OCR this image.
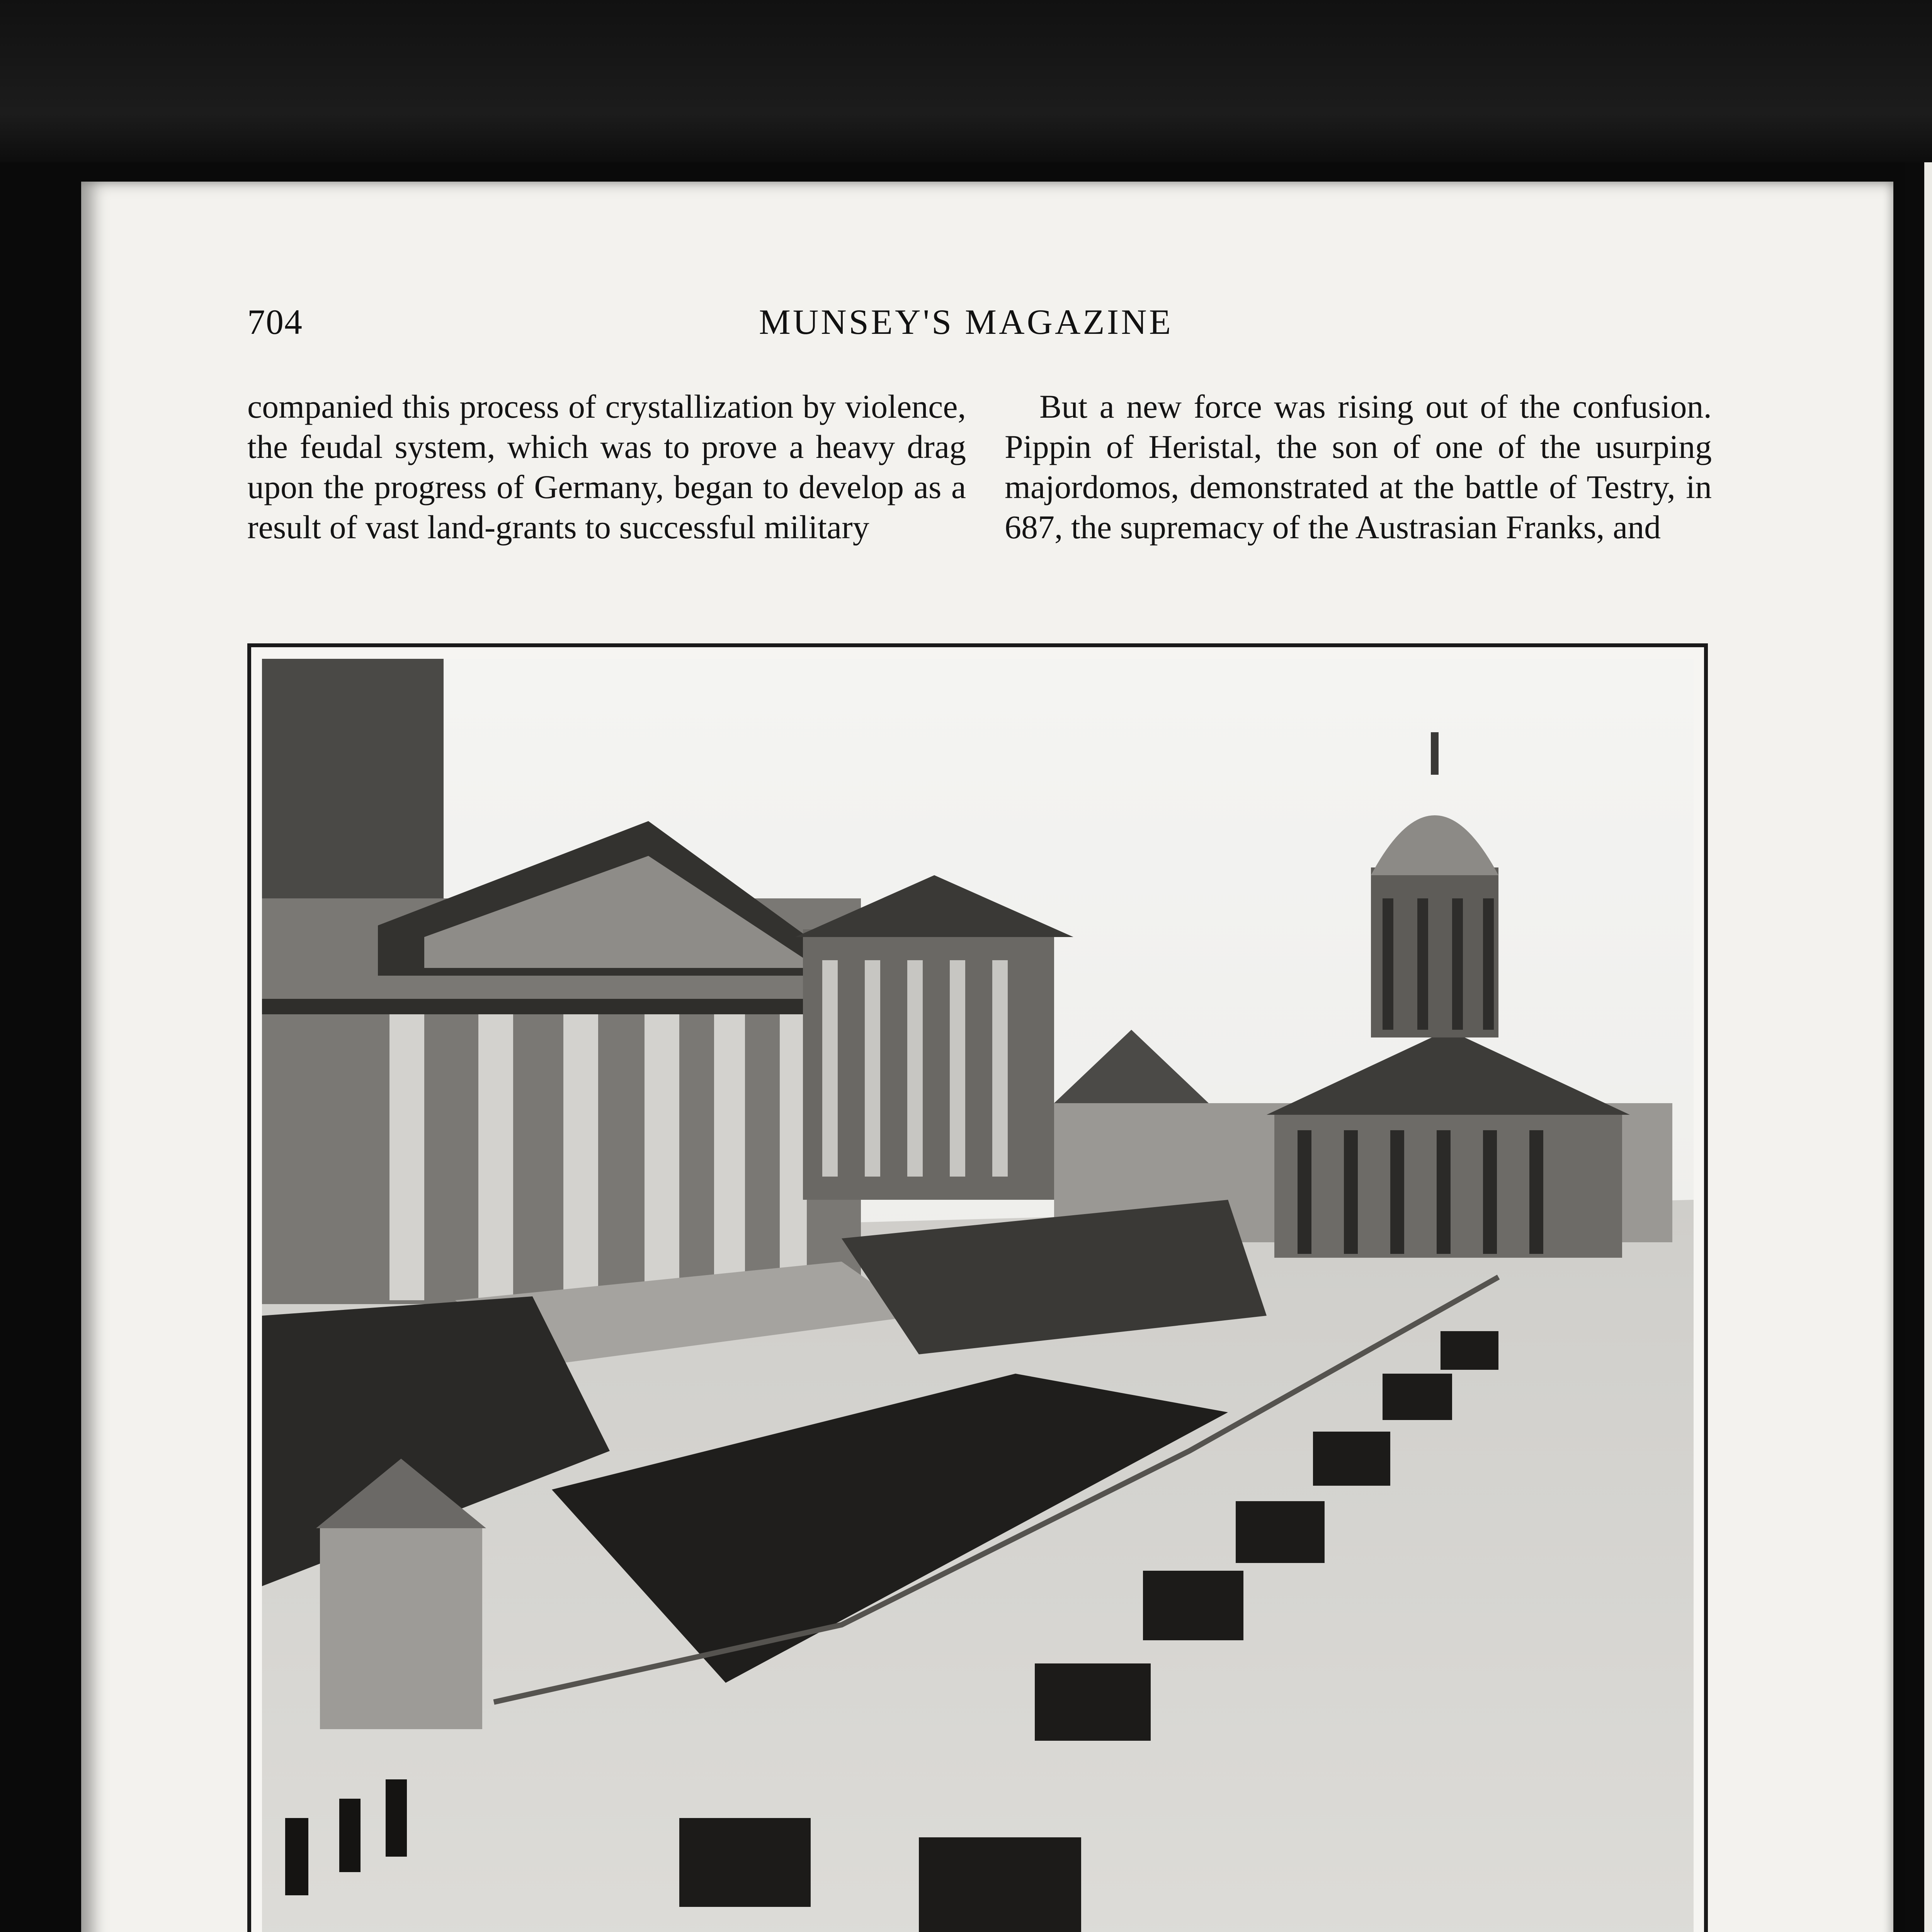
704	MUNSEY'S MAGAZINE

companied this process of crystallization by violence, the feudal system, which was to prove a heavy drag upon the progress of Germany, began to develop as a result of vast land-grants to successful military

But a new force was rising out of the confusion. Pippin of Heristal, the son of one of the usurping majordomos, demonstrated at the battle of Testry, in 687, the supremacy of the Austrasian Franks, and
